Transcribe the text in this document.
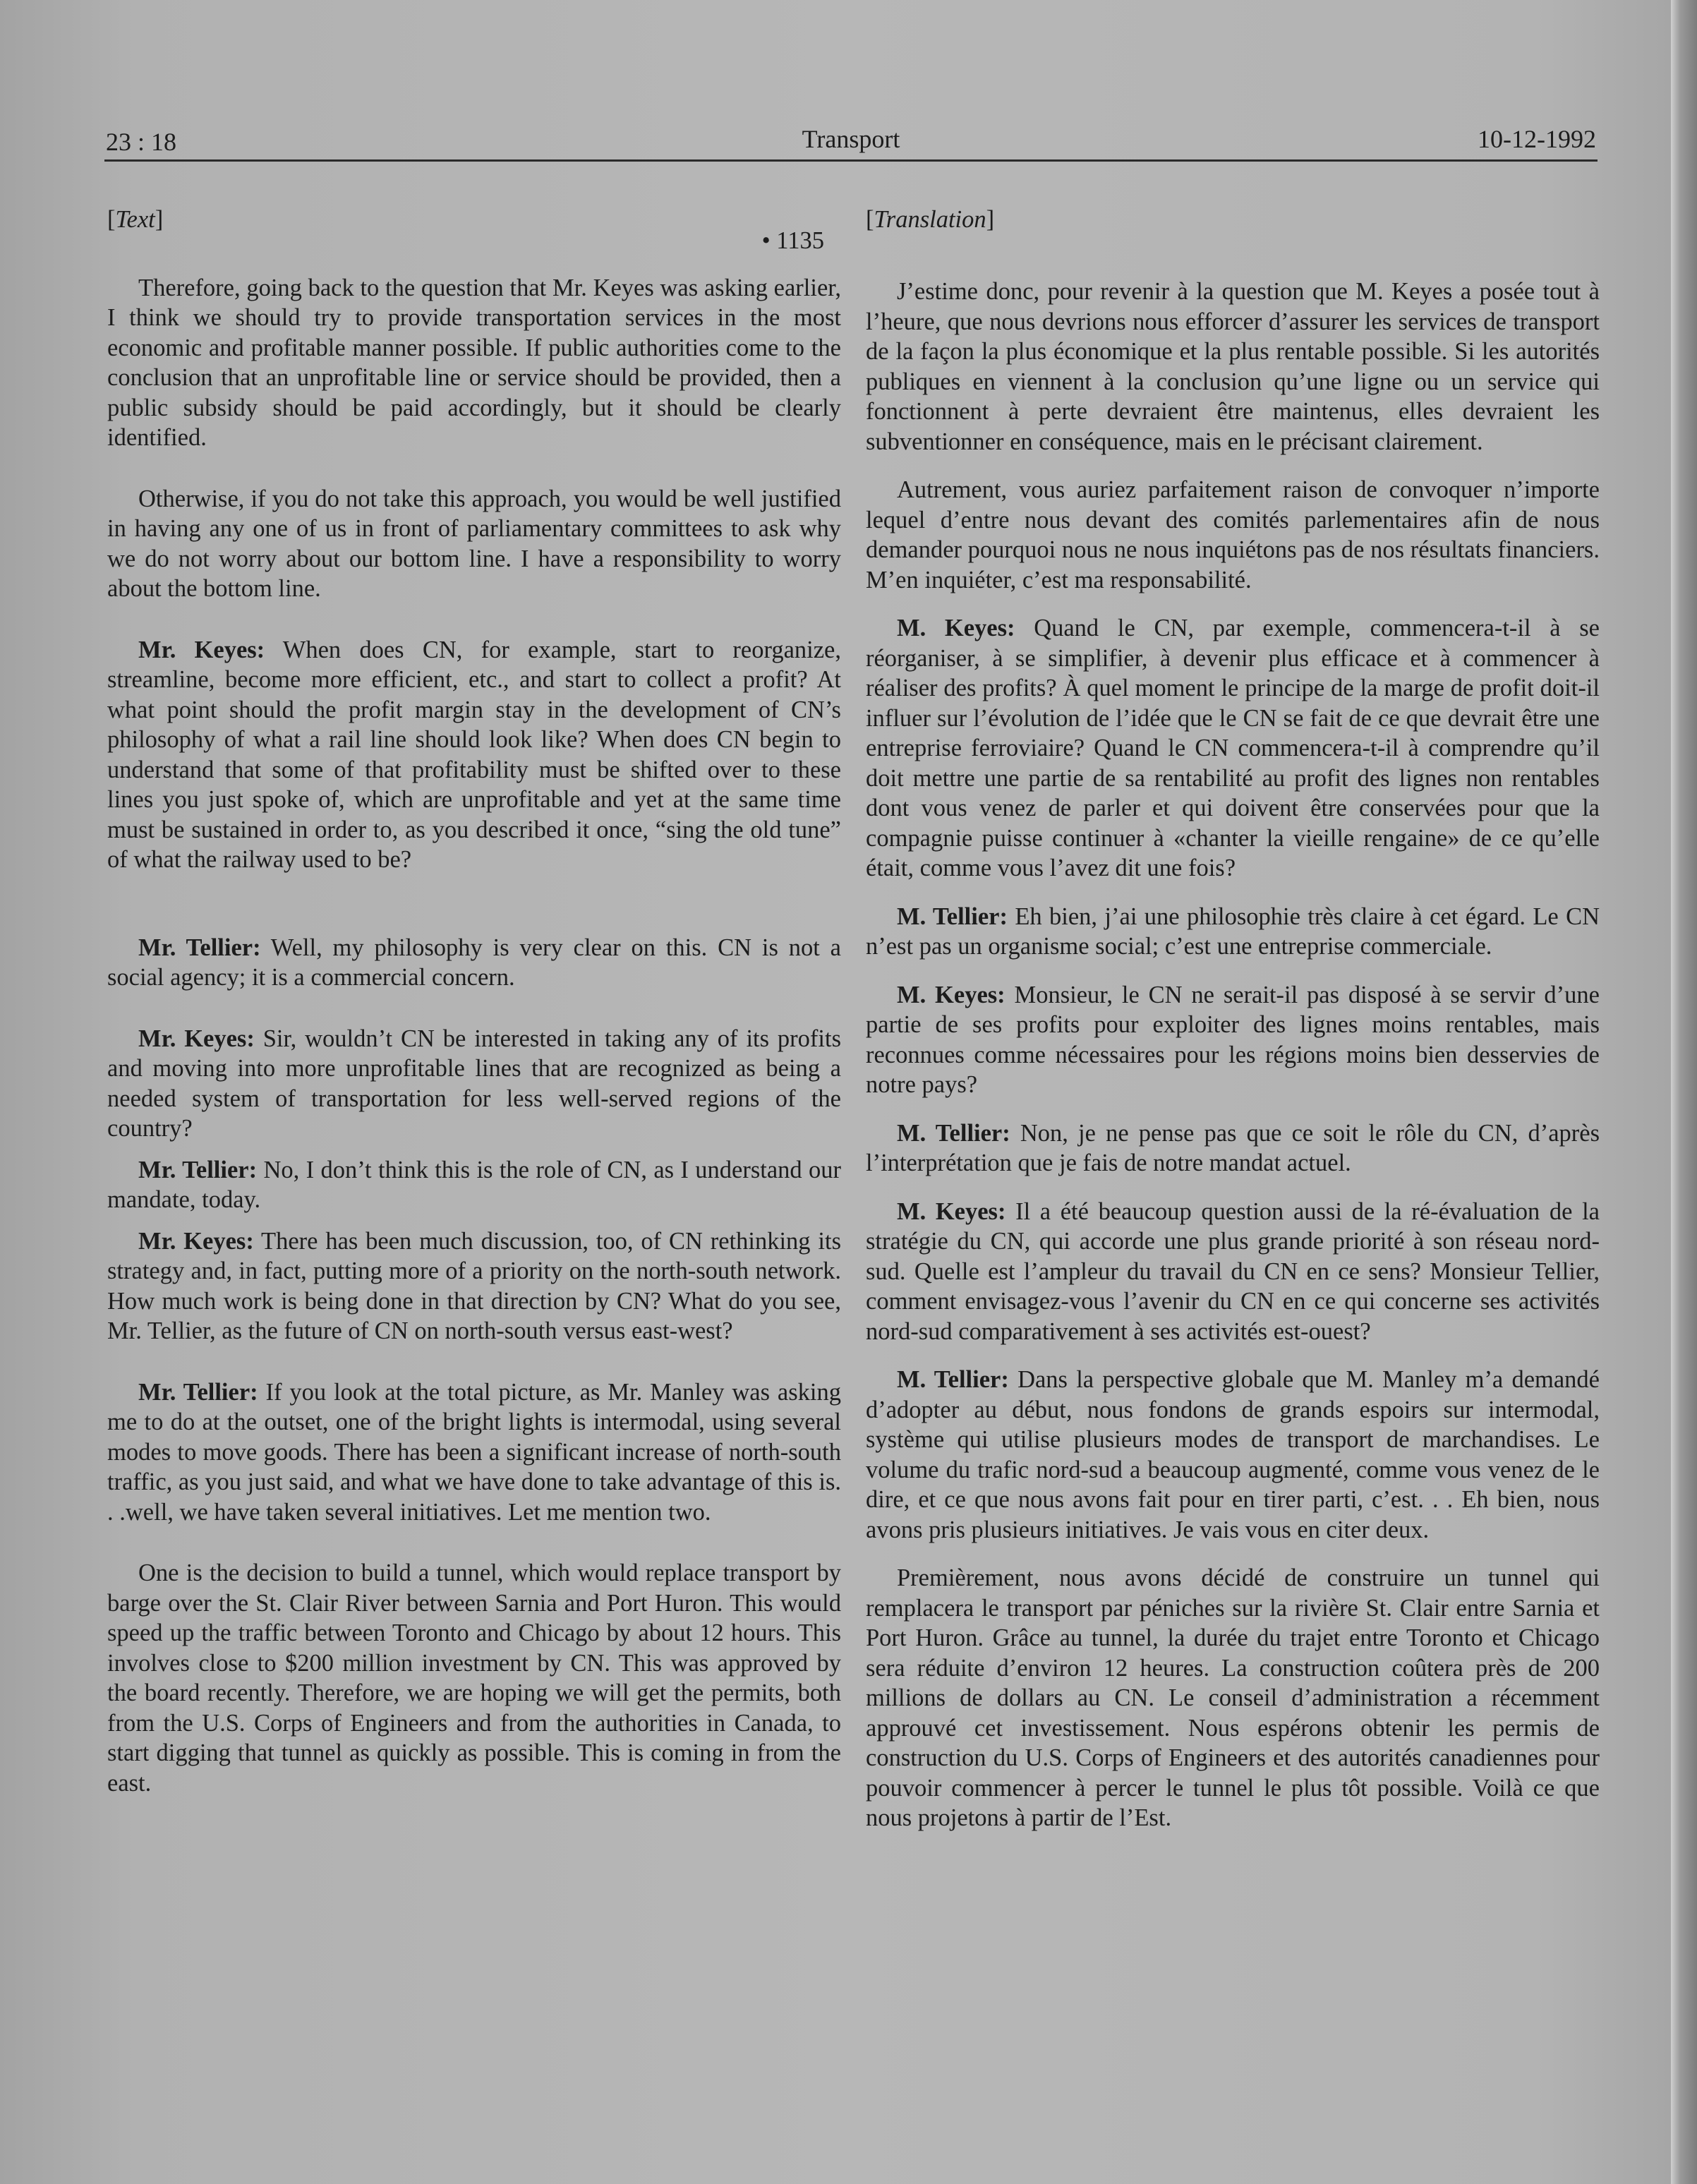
23 : 18	Transport	10-12-1992
[Text]
• 1135

Therefore, going back to the question that Mr. Keyes was asking earlier, I think we should try to provide transportation services in the most economic and profitable manner possible. If public authorities come to the conclusion that an unprofitable line or service should be provided, then a public subsidy should be paid accordingly, but it should be clearly identified.

Otherwise, if you do not take this approach, you would be well justified in having any one of us in front of parliamentary committees to ask why we do not worry about our bottom line. I have a responsibility to worry about the bottom line.

Mr. Keyes: When does CN, for example, start to reorganize, streamline, become more efficient, etc., and start to collect a profit? At what point should the profit margin stay in the development of CN’s philosophy of what a rail line should look like? When does CN begin to understand that some of that profitability must be shifted over to these lines you just spoke of, which are unprofitable and yet at the same time must be sustained in order to, as you described it once, “sing the old tune” of what the railway used to be?

Mr. Tellier: Well, my philosophy is very clear on this. CN is not a social agency; it is a commercial concern.

Mr. Keyes: Sir, wouldn’t CN be interested in taking any of its profits and moving into more unprofitable lines that are recognized as being a needed system of transportation for less well-served regions of the country?

Mr. Tellier: No, I don’t think this is the role of CN, as I understand our mandate, today.

Mr. Keyes: There has been much discussion, too, of CN rethinking its strategy and, in fact, putting more of a priority on the north-south network. How much work is being done in that direction by CN? What do you see, Mr. Tellier, as the future of CN on north-south versus east-west?

Mr. Tellier: If you look at the total picture, as Mr. Manley was asking me to do at the outset, one of the bright lights is intermodal, using several modes to move goods. There has been a significant increase of north-south traffic, as you just said, and what we have done to take advantage of this is. . .well, we have taken several initiatives. Let me mention two.

One is the decision to build a tunnel, which would replace transport by barge over the St. Clair River between Sarnia and Port Huron. This would speed up the traffic between Toronto and Chicago by about 12 hours. This involves close to $200 million investment by CN. This was approved by the board recently. Therefore, we are hoping we will get the permits, both from the U.S. Corps of Engineers and from the authorities in Canada, to start digging that tunnel as quickly as possible. This is coming in from the east.

[Translation]

J’estime donc, pour revenir à la question que M. Keyes a posée tout à l’heure, que nous devrions nous efforcer d’assurer les services de transport de la façon la plus économique et la plus rentable possible. Si les autorités publiques en viennent à la conclusion qu’une ligne ou un service qui fonctionnent à perte devraient être maintenus, elles devraient les subventionner en conséquence, mais en le précisant clairement.

Autrement, vous auriez parfaitement raison de convoquer n’importe lequel d’entre nous devant des comités parlementaires afin de nous demander pourquoi nous ne nous inquiétons pas de nos résultats financiers. M’en inquiéter, c’est ma responsabilité.

M. Keyes: Quand le CN, par exemple, commencera-t-il à se réorganiser, à se simplifier, à devenir plus efficace et à commencer à réaliser des profits? À quel moment le principe de la marge de profit doit-il influer sur l’évolution de l’idée que le CN se fait de ce que devrait être une entreprise ferroviaire? Quand le CN commencera-t-il à comprendre qu’il doit mettre une partie de sa rentabilité au profit des lignes non rentables dont vous venez de parler et qui doivent être conservées pour que la compagnie puisse continuer à «chanter la vieille rengaine» de ce qu’elle était, comme vous l’avez dit une fois?

M. Tellier: Eh bien, j’ai une philosophie très claire à cet égard. Le CN n’est pas un organisme social; c’est une entreprise commerciale.

M. Keyes: Monsieur, le CN ne serait-il pas disposé à se servir d’une partie de ses profits pour exploiter des lignes moins rentables, mais reconnues comme nécessaires pour les régions moins bien desservies de notre pays?

M. Tellier: Non, je ne pense pas que ce soit le rôle du CN, d’après l’interprétation que je fais de notre mandat actuel.

M. Keyes: Il a été beaucoup question aussi de la ré-évaluation de la stratégie du CN, qui accorde une plus grande priorité à son réseau nord-sud. Quelle est l’ampleur du travail du CN en ce sens? Monsieur Tellier, comment envisagez-vous l’avenir du CN en ce qui concerne ses activités nord-sud comparativement à ses activités est-ouest?

M. Tellier: Dans la perspective globale que M. Manley m’a demandé d’adopter au début, nous fondons de grands espoirs sur intermodal, système qui utilise plusieurs modes de transport de marchandises. Le volume du trafic nord-sud a beaucoup augmenté, comme vous venez de le dire, et ce que nous avons fait pour en tirer parti, c’est. . . Eh bien, nous avons pris plusieurs initiatives. Je vais vous en citer deux.

Premièrement, nous avons décidé de construire un tunnel qui remplacera le transport par péniches sur la rivière St. Clair entre Sarnia et Port Huron. Grâce au tunnel, la durée du trajet entre Toronto et Chicago sera réduite d’environ 12 heures. La construction coûtera près de 200 millions de dollars au CN. Le conseil d’administration a récemment approuvé cet investissement. Nous espérons obtenir les permis de construction du U.S. Corps of Engineers et des autorités canadiennes pour pouvoir commencer à percer le tunnel le plus tôt possible. Voilà ce que nous projetons à partir de l’Est.
